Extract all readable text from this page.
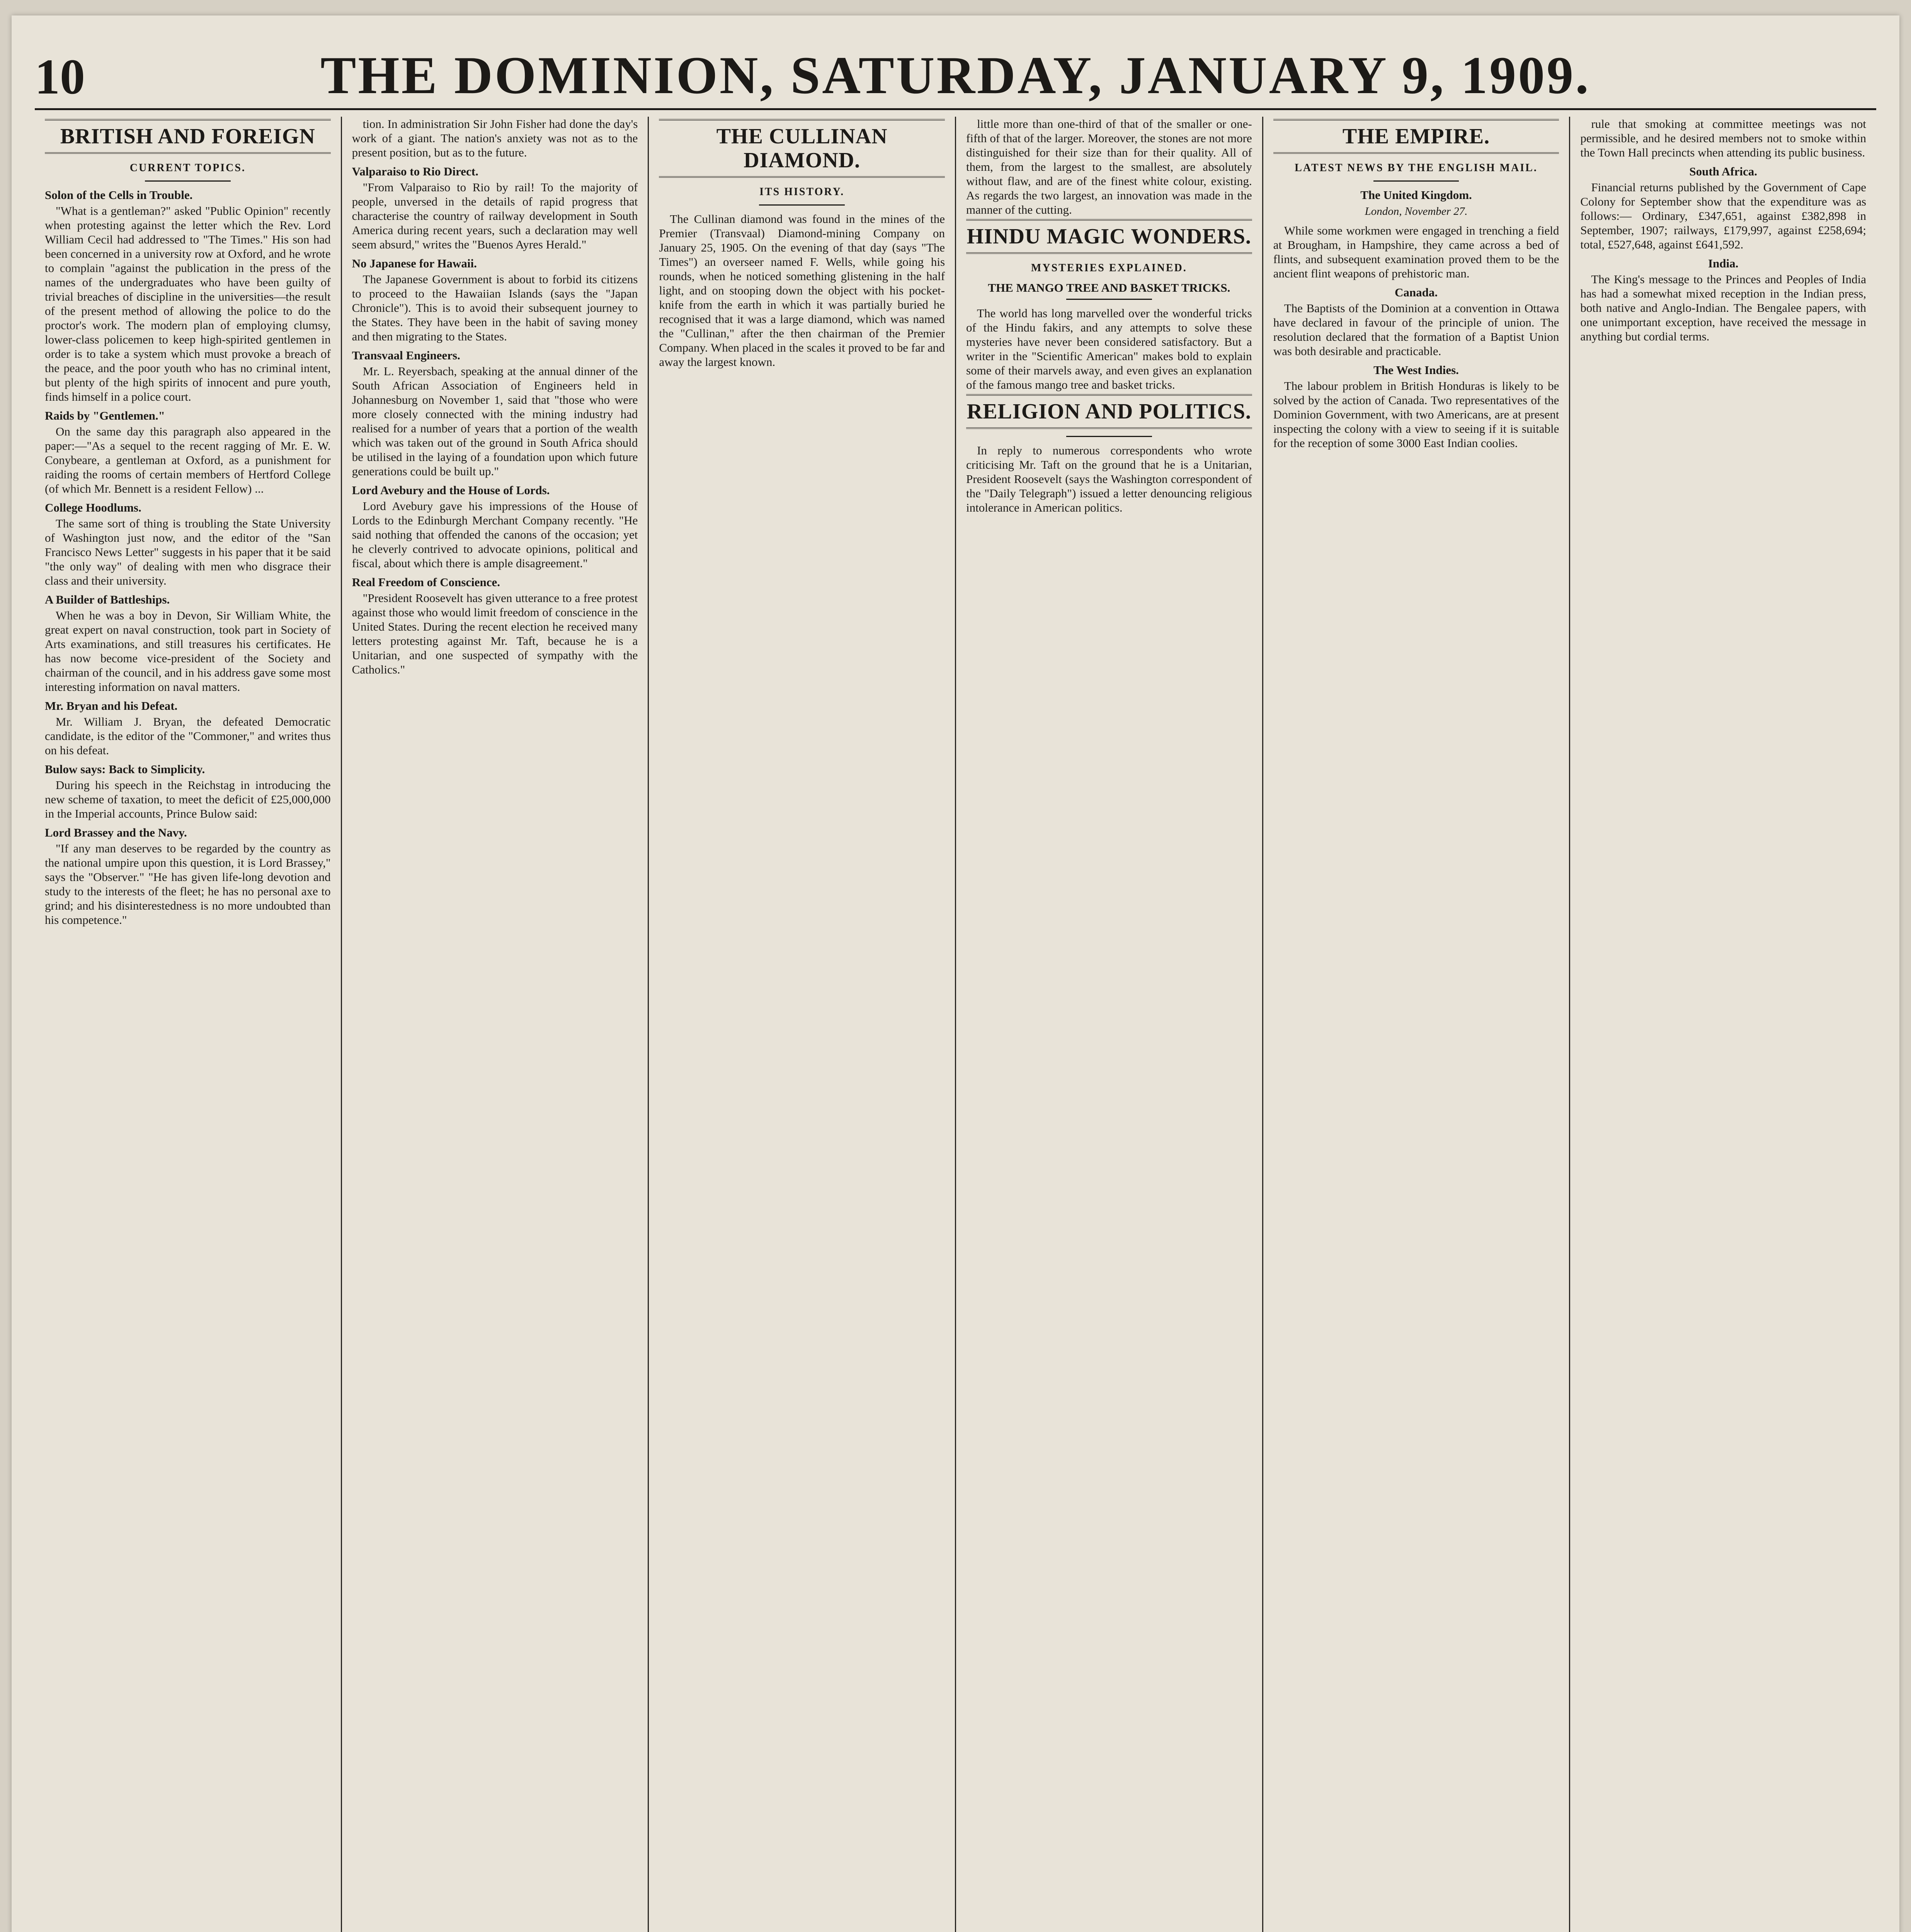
10	THE DOMINION, SATURDAY, JANUARY 9, 1909.
BRITISH AND FOREIGN
CURRENT TOPICS.
Solon of the Cells in Trouble.

"What is a gentleman?" asked "Public Opinion" recently when protesting against the letter which the Rev. Lord William Cecil had addressed to "The Times." His son had been concerned in a university row at Oxford, and he wrote to complain "against the publication in the press of the names of the undergraduates who have been guilty of trivial breaches of discipline in the universities—the result of the present method of allowing the police to do the proctor's work. The modern plan of employing clumsy, lower-class policemen to keep high-spirited gentlemen in order is to take a system which must provoke a breach of the peace, and the poor youth who has no criminal intent, but plenty of the high spirits of innocent and pure youth, finds himself in a police court.

Raids by "Gentlemen."

On the same day this paragraph also appeared in the paper:—"As a sequel to the recent ragging of Mr. E. W. Conybeare, a gentleman at Oxford, as a punishment for raiding the rooms of certain members of Hertford College (of which Mr. Bennett is a resident Fellow) ...

College Hoodlums.

The same sort of thing is troubling the State University of Washington just now, and the editor of the "San Francisco News Letter" suggests in his paper that it be said "the only way" of dealing with men who disgrace their class and their university.

A Builder of Battleships.

When he was a boy in Devon, Sir William White, the great expert on naval construction, took part in Society of Arts examinations, and still treasures his certificates. He has now become vice-president of the Society and chairman of the council, and in his address gave some most interesting information on naval matters.

Mr. Bryan and his Defeat.

Mr. William J. Bryan, the defeated Democratic candidate, is the editor of the "Commoner," and writes thus on his defeat.

Bulow says: Back to Simplicity.

During his speech in the Reichstag in introducing the new scheme of taxation, to meet the deficit of £25,000,000 in the Imperial accounts, Prince Bulow said:

Lord Brassey and the Navy.

"If any man deserves to be regarded by the country as the national umpire upon this question, it is Lord Brassey," says the "Observer." "He has given life-long devotion and study to the interests of the fleet; he has no personal axe to grind; and his disinterestedness is no more undoubted than his competence."

tion. In administration Sir John Fisher had done the day's work of a giant. The nation's anxiety was not as to the present position, but as to the future.

Valparaiso to Rio Direct.

"From Valparaiso to Rio by rail! To the majority of people, unversed in the details of rapid progress that characterise the country of railway development in South America during recent years, such a declaration may well seem absurd," writes the "Buenos Ayres Herald."

No Japanese for Hawaii.

The Japanese Government is about to forbid its citizens to proceed to the Hawaiian Islands (says the "Japan Chronicle"). This is to avoid their subsequent journey to the States. They have been in the habit of saving money and then migrating to the States.

Transvaal Engineers.

Mr. L. Reyersbach, speaking at the annual dinner of the South African Association of Engineers held in Johannesburg on November 1, said that "those who were more closely connected with the mining industry had realised for a number of years that a portion of the wealth which was taken out of the ground in South Africa should be utilised in the laying of a foundation upon which future generations could be built up."

Lord Avebury and the House of Lords.

Lord Avebury gave his impressions of the House of Lords to the Edinburgh Merchant Company recently. "He said nothing that offended the canons of the occasion; yet he cleverly contrived to advocate opinions, political and fiscal, about which there is ample disagreement."

Real Freedom of Conscience.

"President Roosevelt has given utterance to a free protest against those who would limit freedom of conscience in the United States. During the recent election he received many letters protesting against Mr. Taft, because he is a Unitarian, and one suspected of sympathy with the Catholics."

THE CULLINAN DIAMOND.
ITS HISTORY.

The Cullinan diamond was found in the mines of the Premier (Transvaal) Diamond-mining Company on January 25, 1905. On the evening of that day (says "The Times") an overseer named F. Wells, while going his rounds, when he noticed something glistening in the half light, and on stooping down the object with his pocket-knife from the earth in which it was partially buried he recognised that it was a large diamond, which was named the "Cullinan," after the then chairman of the Premier Company. When placed in the scales it proved to be far and away the largest known.

little more than one-third of that of the smaller or one-fifth of that of the larger. Moreover, the stones are not more distinguished for their size than for their quality. All of them, from the largest to the smallest, are absolutely without flaw, and are of the finest white colour, existing. As regards the two largest, an innovation was made in the manner of the cutting.

HINDU MAGIC WONDERS.
MYSTERIES EXPLAINED.
THE MANGO TREE AND BASKET TRICKS.

The world has long marvelled over the wonderful tricks of the Hindu fakirs, and any attempts to solve these mysteries have never been considered satisfactory. But a writer in the "Scientific American" makes bold to explain some of their marvels away, and even gives an explanation of the famous mango tree and basket tricks.

RELIGION AND POLITICS.

In reply to numerous correspondents who wrote criticising Mr. Taft on the ground that he is a Unitarian, President Roosevelt (says the Washington correspondent of the "Daily Telegraph") issued a letter denouncing religious intolerance in American politics.

THE EMPIRE.
LATEST NEWS BY THE ENGLISH MAIL.
The United Kingdom.
London, November 27.

While some workmen were engaged in trenching a field at Brougham, in Hampshire, they came across a bed of flints, and subsequent examination proved them to be the ancient flint weapons of prehistoric man.

Canada.

The Baptists of the Dominion at a convention in Ottawa have declared in favour of the principle of union. The resolution declared that the formation of a Baptist Union was both desirable and practicable.

The West Indies.

The labour problem in British Honduras is likely to be solved by the action of Canada. Two representatives of the Dominion Government, with two Americans, are at present inspecting the colony with a view to seeing if it is suitable for the reception of some 3000 East Indian coolies.

rule that smoking at committee meetings was not permissible, and he desired members not to smoke within the Town Hall precincts when attending its public business.

South Africa.

Financial returns published by the Government of Cape Colony for September show that the expenditure was as follows:— Ordinary, £347,651, against £382,898 in September, 1907; railways, £179,997, against £258,694; total, £527,648, against £641,592.

India.

The King's message to the Princes and Peoples of India has had a somewhat mixed reception in the Indian press, both native and Anglo-Indian. The Bengalee papers, with one unimportant exception, have received the message in anything but cordial terms.
